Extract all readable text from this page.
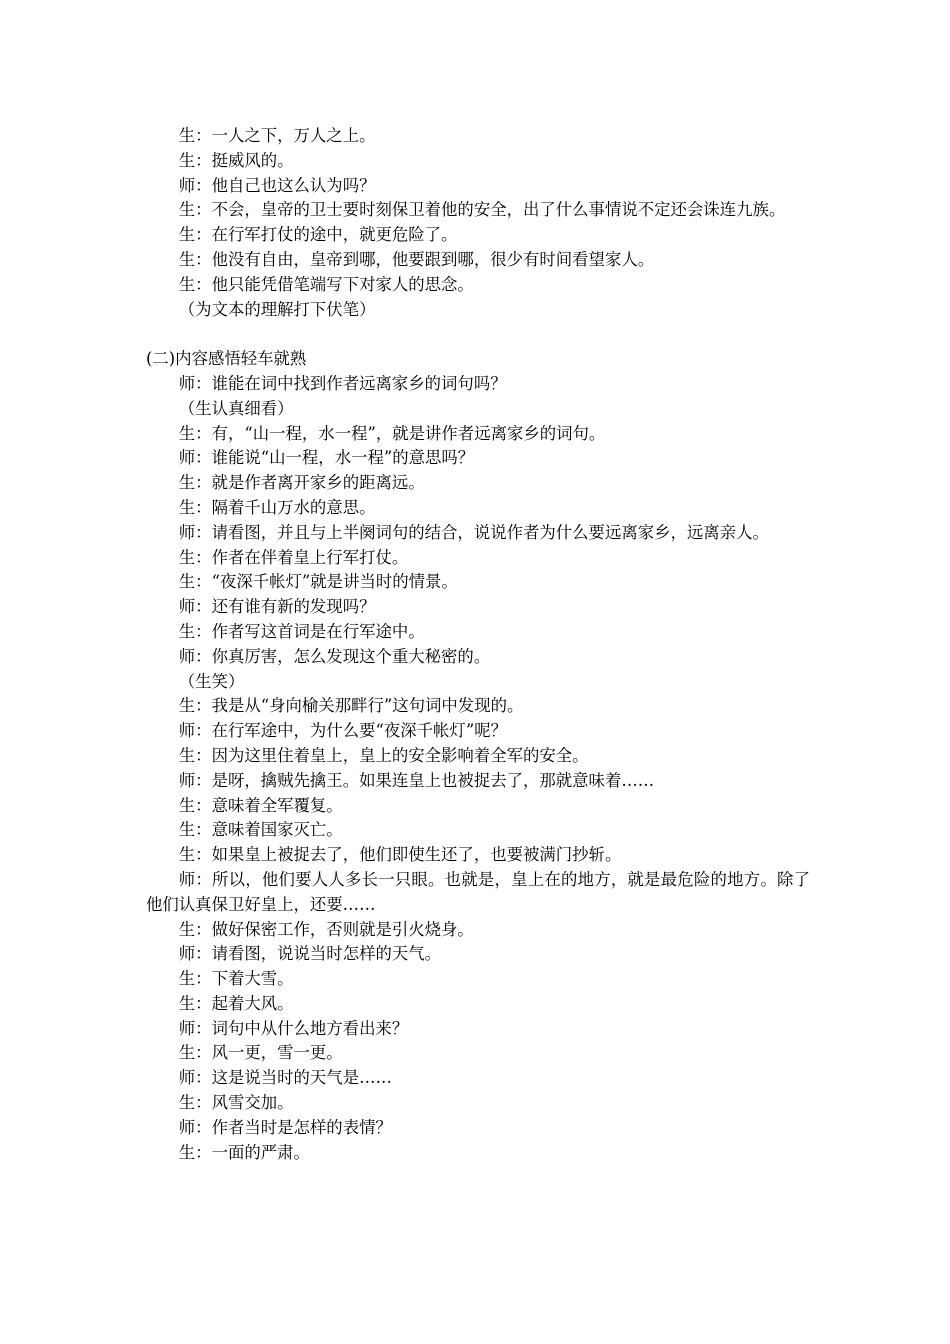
生：一人之下，万人之上。

生：挺威风的。

师：他自己也这么认为吗？

生：不会，皇帝的卫士要时刻保卫着他的安全，出了什么事情说不定还会诛连九族。

生：在行军打仗的途中，就更危险了。

生：他没有自由，皇帝到哪，他要跟到哪，很少有时间看望家人。

生：他只能凭借笔端写下对家人的思念。

（为文本的理解打下伏笔）

(二)内容感悟轻车就熟

师：谁能在词中找到作者远离家乡的词句吗？

（生认真细看）

生：有，“山一程，水一程”，就是讲作者远离家乡的词句。

师：谁能说“山一程，水一程”的意思吗？

生：就是作者离开家乡的距离远。

生：隔着千山万水的意思。

师：请看图，并且与上半阕词句的结合，说说作者为什么要远离家乡，远离亲人。

生：作者在伴着皇上行军打仗。

生：“夜深千帐灯”就是讲当时的情景。

师：还有谁有新的发现吗？

生：作者写这首词是在行军途中。

师：你真厉害，怎么发现这个重大秘密的。

（生笑）

生：我是从“身向榆关那畔行”这句词中发现的。

师：在行军途中，为什么要“夜深千帐灯”呢？

生：因为这里住着皇上，皇上的安全影响着全军的安全。

师：是呀，擒贼先擒王。如果连皇上也被捉去了，那就意味着……

生：意味着全军覆复。

生：意味着国家灭亡。

生：如果皇上被捉去了，他们即使生还了，也要被满门抄斩。

师：所以，他们要人人多长一只眼。也就是，皇上在的地方，就是最危险的地方。除了他们认真保卫好皇上，还要……

生：做好保密工作，否则就是引火烧身。

师：请看图，说说当时怎样的天气。

生：下着大雪。

生：起着大风。

师：词句中从什么地方看出来？

生：风一更，雪一更。

师：这是说当时的天气是……

生：风雪交加。

师：作者当时是怎样的表情？

生：一面的严肃。
